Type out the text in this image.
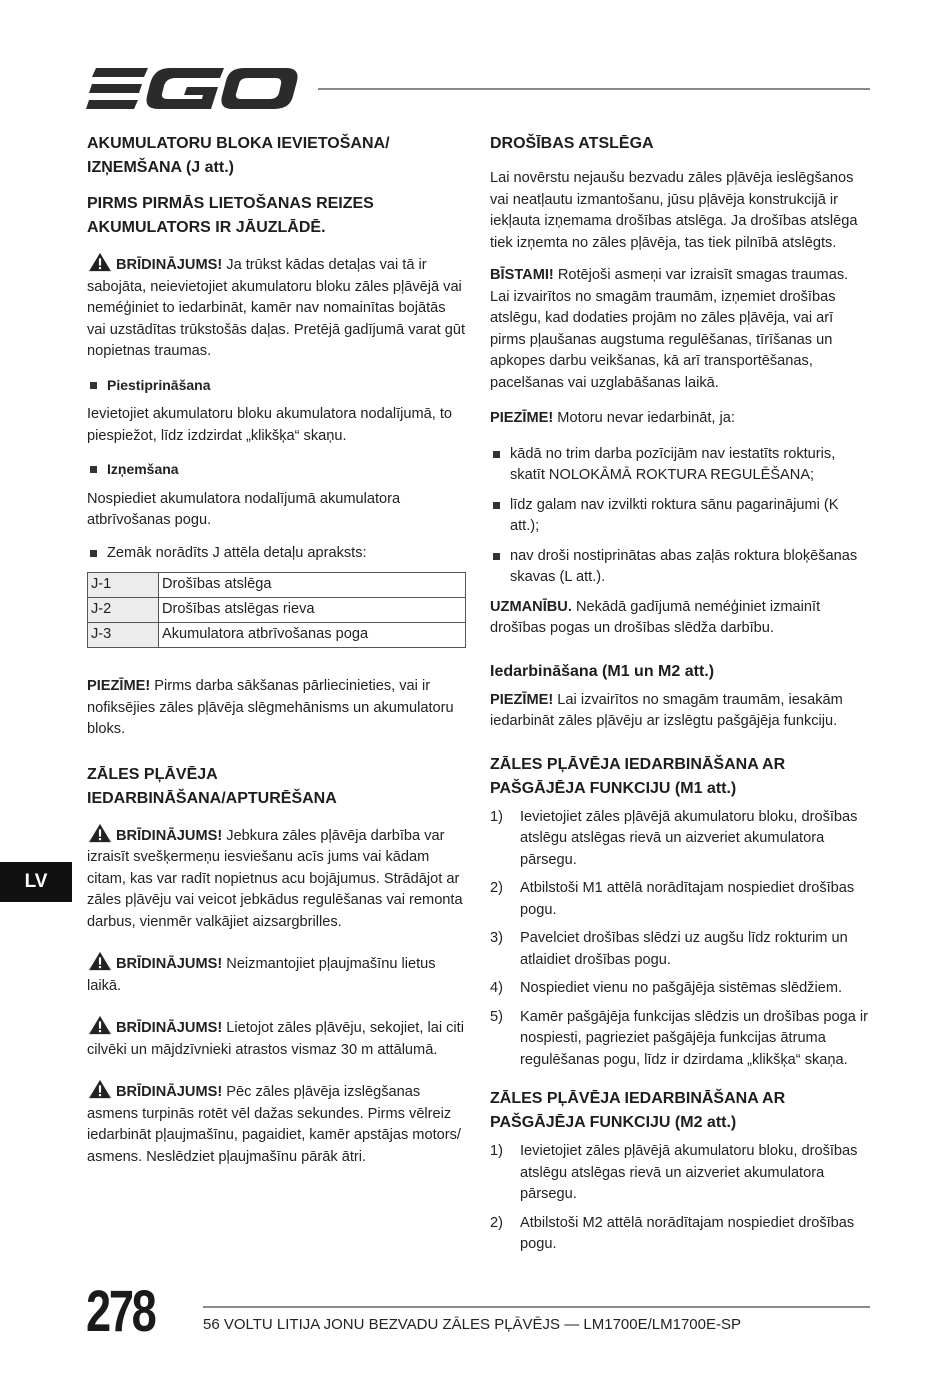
AKUMULATORU BLOKA IEVIETOŠANA/ IZŅEMŠANA (J att.)
PIRMS PIRMĀS LIETOŠANAS REIZES AKUMULATORS IR JĀUZLĀDĒ.

BRĪDINĀJUMS! Ja trūkst kādas detaļas vai tā ir sabojāta, neievietojiet akumulatoru bloku zāles pļāvējā vai neméģiniet to iedarbināt, kamēr nav nomainītas bojātās vai uzstādītas trūkstošās daļas. Pretējā gadījumā varat gūt nopietnas traumas.

Piestiprināšana

Ievietojiet akumulatoru bloku akumulatora nodalījumā, to piespiežot, līdz izdzirdat „klikšķa“ skaņu.

Izņemšana

Nospiediet akumulatora nodalījumā akumulatora atbrīvošanas pogu.

Zemāk norādīts J attēla detaļu apraksts:
J-1	Drošības atslēga
J-2	Drošības atslēgas rieva
J-3	Akumulatora atbrīvošanas poga

PIEZĪME! Pirms darba sākšanas pārliecinieties, vai ir nofiksējies zāles pļāvēja slēgmehānisms un akumulatoru bloks.

ZĀLES PĻĀVĒJA IEDARBINĀŠANA/APTURĒŠANA

BRĪDINĀJUMS! Jebkura zāles pļāvēja darbība var izraisīt svešķermeņu iesviešanu acīs jums vai kādam citam, kas var radīt nopietnus acu bojājumus. Strādājot ar zāles pļāvēju vai veicot jebkādus regulēšanas vai remonta darbus, vienmēr valkājiet aizsargbrilles.

BRĪDINĀJUMS! Neizmantojiet pļaujmašīnu lietus laikā.

BRĪDINĀJUMS! Lietojot zāles pļāvēju, sekojiet, lai citi cilvēki un mājdzīvnieki atrastos vismaz 30 m attālumā.

BRĪDINĀJUMS! Pēc zāles pļāvēja izslēgšanas asmens turpinās rotēt vēl dažas sekundes. Pirms vēlreiz iedarbināt pļaujmašīnu, pagaidiet, kamēr apstājas motors/ asmens. Neslēdziet pļaujmašīnu pārāk ātri.

DROŠĪBAS ATSLĒGA

Lai novērstu nejaušu bezvadu zāles pļāvēja ieslēgšanos vai neatļautu izmantošanu, jūsu pļāvēja konstrukcijā ir iekļauta izņemama drošības atslēga. Ja drošības atslēga tiek izņemta no zāles pļāvēja, tas tiek pilnībā atslēgts.

BĪSTAMI! Rotējoši asmeņi var izraisīt smagas traumas. Lai izvairītos no smagām traumām, izņemiet drošības atslēgu, kad dodaties projām no zāles pļāvēja, vai arī pirms pļaušanas augstuma regulēšanas, tīrīšanas un apkopes darbu veikšanas, kā arī transportēšanas, pacelšanas vai uzglabāšanas laikā.

PIEZĪME! Motoru nevar iedarbināt, ja:

kādā no trim darba pozīcijām nav iestatīts rokturis, skatīt NOLOKĀMĀ ROKTURA REGULĒŠANA;
līdz galam nav izvilkti roktura sānu pagarinājumi (K att.);
nav droši nostiprinātas abas zaļās roktura bloķēšanas skavas (L att.).

UZMANĪBU. Nekādā gadījumā neméģiniet izmainīt drošības pogas un drošības slēdža darbību.

Iedarbināšana (M1 un M2 att.)

PIEZĪME! Lai izvairītos no smagām traumām, iesakām iedarbināt zāles pļāvēju ar izslēgtu pašgājēja funkciju.

ZĀLES PĻĀVĒJA IEDARBINĀŠANA AR PAŠGĀJĒJA FUNKCIJU (M1 att.)
1)	Ievietojiet zāles pļāvējā akumulatoru bloku, drošības atslēgu atslēgas rievā un aizveriet akumulatora pārsegu.
2)	Atbilstoši M1 attēlā norādītajam nospiediet drošības pogu.
3)	Pavelciet drošības slēdzi uz augšu līdz rokturim un atlaidiet drošības pogu.
4)	Nospiediet vienu no pašgājēja sistēmas slēdžiem.
5)	Kamēr pašgājēja funkcijas slēdzis un drošības poga ir nospiesti, pagrieziet pašgājēja funkcijas ātruma regulēšanas pogu, līdz ir dzirdama „klikšķa“ skaņa.
ZĀLES PĻĀVĒJA IEDARBINĀŠANA AR PAŠGĀJĒJA FUNKCIJU (M2 att.)
1)	Ievietojiet zāles pļāvējā akumulatoru bloku, drošības atslēgu atslēgas rievā un aizveriet akumulatora pārsegu.
2)	Atbilstoši M2 attēlā norādītajam nospiediet drošības pogu.
LV
278	56 VOLTU LITIJA JONU BEZVADU ZĀLES PĻĀVĒJS — LM1700E/LM1700E-SP
